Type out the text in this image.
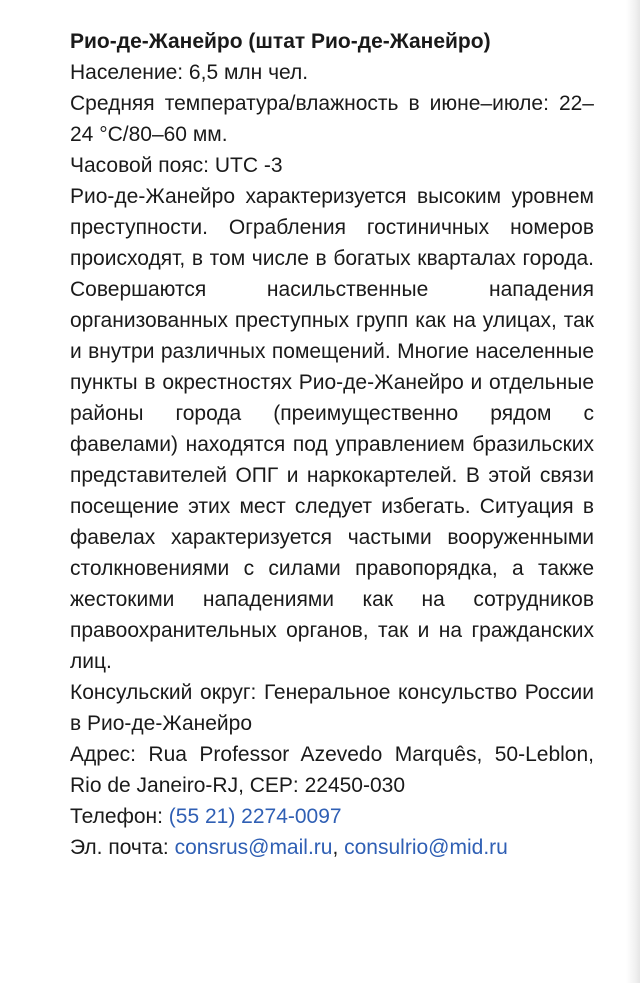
Рио-де-Жанейро (штат Рио-де-Жанейро)

Население: 6,5 млн чел.

Средняя температура/влажность в июне–июле: 22–24 °С/80–60 мм.

Часовой пояс: UTC -3

Рио-де-Жанейро характеризуется высоким уровнем преступности. Ограбления гостиничных номеров происходят, в том числе в богатых кварталах города. Совершаются насильственные нападения организованных преступных групп как на улицах, так и внутри различных помещений. Многие населенные пункты в окрестностях Рио-де-Жанейро и отдельные районы города (преимущественно рядом с фавелами) находятся под управлением бразильских представителей ОПГ и наркокартелей. В этой связи посещение этих мест следует избегать. Ситуация в фавелах характеризуется частыми вооруженными столкновениями с силами правопорядка, а также жестокими нападениями как на сотрудников правоохранительных органов, так и на гражданских лиц.

Консульский округ: Генеральное консульство России в Рио-де-Жанейро

Адрес: Rua Professor Azevedo Marquês, 50-Leblon, Rio de Janeiro-RJ, CEP: 22450-030

Телефон: (55 21) 2274-0097

Эл. почта: consrus@mail.ru, consulrio@mid.ru
